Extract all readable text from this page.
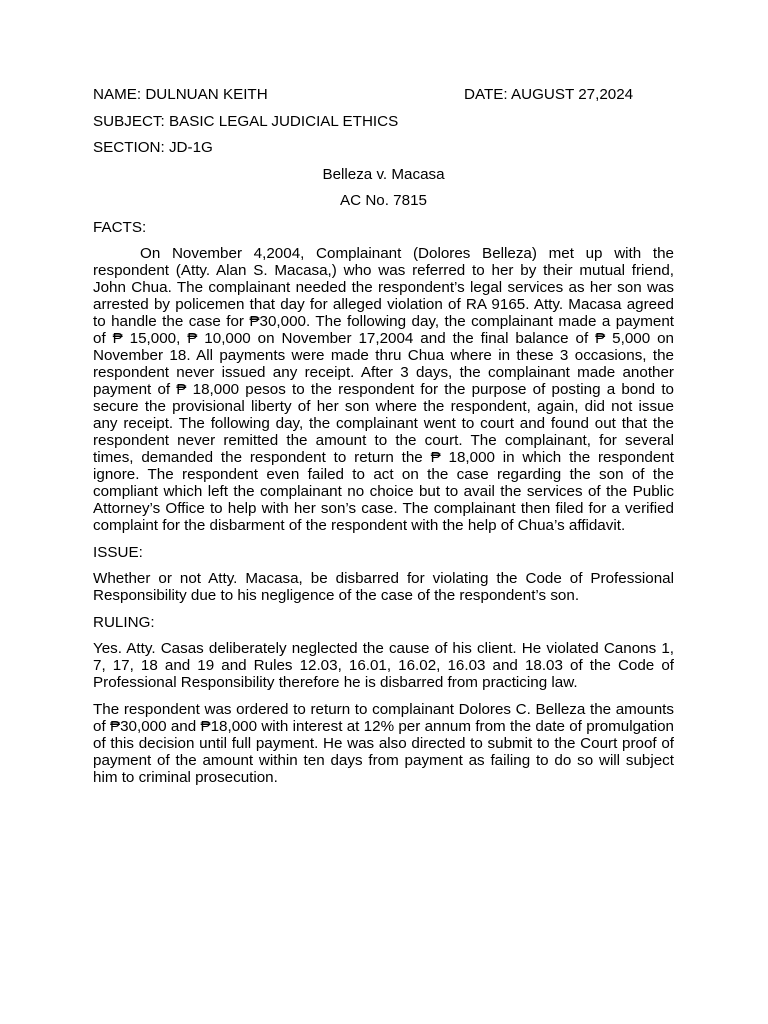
NAME: DULNUAN KEITH	DATE: AUGUST 27,2024
SUBJECT: BASIC LEGAL JUDICIAL ETHICS
SECTION: JD-1G
Belleza v. Macasa
AC No. 7815
FACTS:
On November 4,2004, Complainant (Dolores Belleza) met up with the respondent (Atty. Alan S. Macasa,) who was referred to her by their mutual friend, John Chua. The complainant needed the respondent’s legal services as her son was arrested by policemen that day for alleged violation of RA 9165. Atty. Macasa agreed to handle the case for ₱30,000. The following day, the complainant made a payment of ₱ 15,000, ₱ 10,000 on November 17,2004 and the final balance of ₱ 5,000 on November 18. All payments were made thru Chua where in these 3 occasions, the respondent never issued any receipt. After 3 days, the complainant made another payment of ₱ 18,000 pesos to the respondent for the purpose of posting a bond to secure the provisional liberty of her son where the respondent, again, did not issue any receipt. The following day, the complainant went to court and found out that the respondent never remitted the amount to the court. The complainant, for several times, demanded the respondent to return the ₱ 18,000 in which the respondent ignore. The respondent even failed to act on the case regarding the son of the compliant which left the complainant no choice but to avail the services of the Public Attorney’s Office to help with her son’s case. The complainant then filed for a verified complaint for the disbarment of the respondent with the help of Chua’s affidavit.
ISSUE:
Whether or not Atty. Macasa, be disbarred for violating the Code of Professional Responsibility due to his negligence of the case of the respondent’s son.
RULING:
Yes. Atty. Casas deliberately neglected the cause of his client. He violated Canons 1, 7, 17, 18 and 19 and Rules 12.03, 16.01, 16.02, 16.03 and 18.03 of the Code of Professional Responsibility therefore he is disbarred from practicing law.
The respondent was ordered to return to complainant Dolores C. Belleza the amounts of ₱30,000 and ₱18,000 with interest at 12% per annum from the date of promulgation of this decision until full payment. He was also directed to submit to the Court proof of payment of the amount within ten days from payment as failing to do so will subject him to criminal prosecution.
